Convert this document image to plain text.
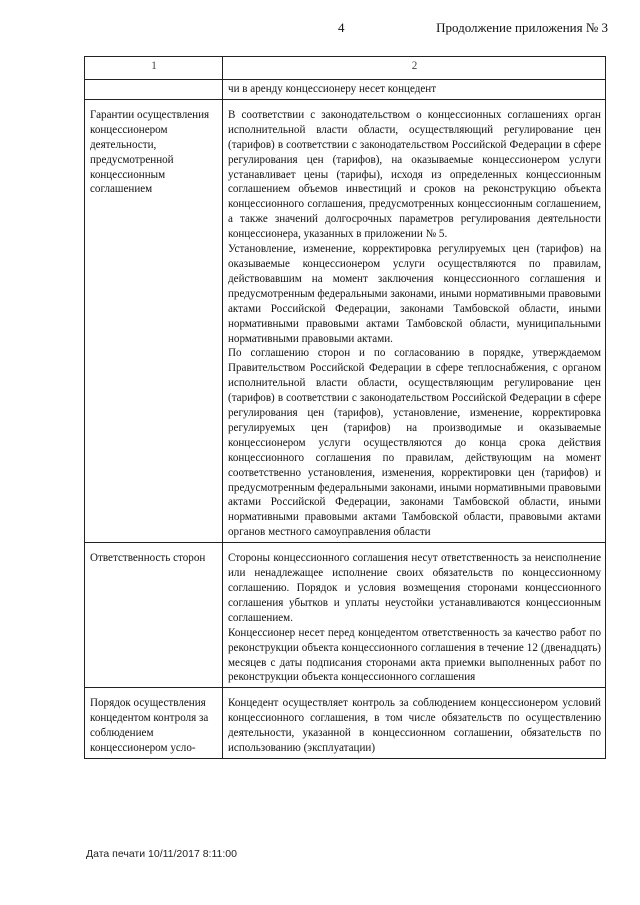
4	Продолжение приложения № 3
1	2
	чи в аренду концессионеру несет концедент
Гарантии осуществления концессионером деятельности, предусмотренной концессионным соглашением	В соответствии с законодательством о концессионных соглашениях орган исполнительной власти области, осуществляющий регулирование цен (тарифов) в соответствии с законодательством Российской Федерации в сфере регулирования цен (тарифов), на оказываемые концессионером услуги устанавливает цены (тарифы), исходя из определенных концессионным соглашением объемов инвестиций и сроков на реконструкцию объекта концессионного соглашения, предусмотренных концессионным соглашением, а также значений долгосрочных параметров регулирования деятельности концессионера, указанных в приложении № 5.

Установление, изменение, корректировка регулируемых цен (тарифов) на оказываемые концессионером услуги осуществляются по правилам, действовавшим на момент заключения концессионного соглашения и предусмотренным федеральными законами, иными нормативными правовыми актами Российской Федерации, законами Тамбовской области, иными нормативными правовыми актами Тамбовской области, муниципальными нормативными правовыми актами.

По соглашению сторон и по согласованию в порядке, утверждаемом Правительством Российской Федерации в сфере теплоснабжения, с органом исполнительной власти области, осуществляющим регулирование цен (тарифов) в соответствии с законодательством Российской Федерации в сфере регулирования цен (тарифов), установление, изменение, корректировка регулируемых цен (тарифов) на производимые и оказываемые концессионером услуги осуществляются до конца срока действия концессионного соглашения по правилам, действующим на момент соответственно установления, изменения, корректировки цен (тарифов) и предусмотренным федеральными законами, иными нормативными правовыми актами Российской Федерации, законами Тамбовской области, иными нормативными правовыми актами Тамбовской области, правовыми актами органов местного самоуправления области

Ответственность сторон	Стороны концессионного соглашения несут ответственность за неисполнение или ненадлежащее исполнение своих обязательств по концессионному соглашению. Порядок и условия возмещения сторонами концессионного соглашения убытков и уплаты неустойки устанавливаются концессионным соглашением.

Концессионер несет перед концедентом ответственность за качество работ по реконструкции объекта концессионного соглашения в течение 12 (двенадцать) месяцев с даты подписания сторонами акта приемки выполненных работ по реконструкции объекта концессионного соглашения

Порядок осуществления концедентом контроля за соблюдением концессионером усло-	Концедент осуществляет контроль за соблюдением концессионером условий концессионного соглашения, в том числе обязательств по осуществлению деятельности, указанной в концессионном соглашении, обязательств по использованию (эксплуатации)

Дата печати 10/11/2017 8:11:00
